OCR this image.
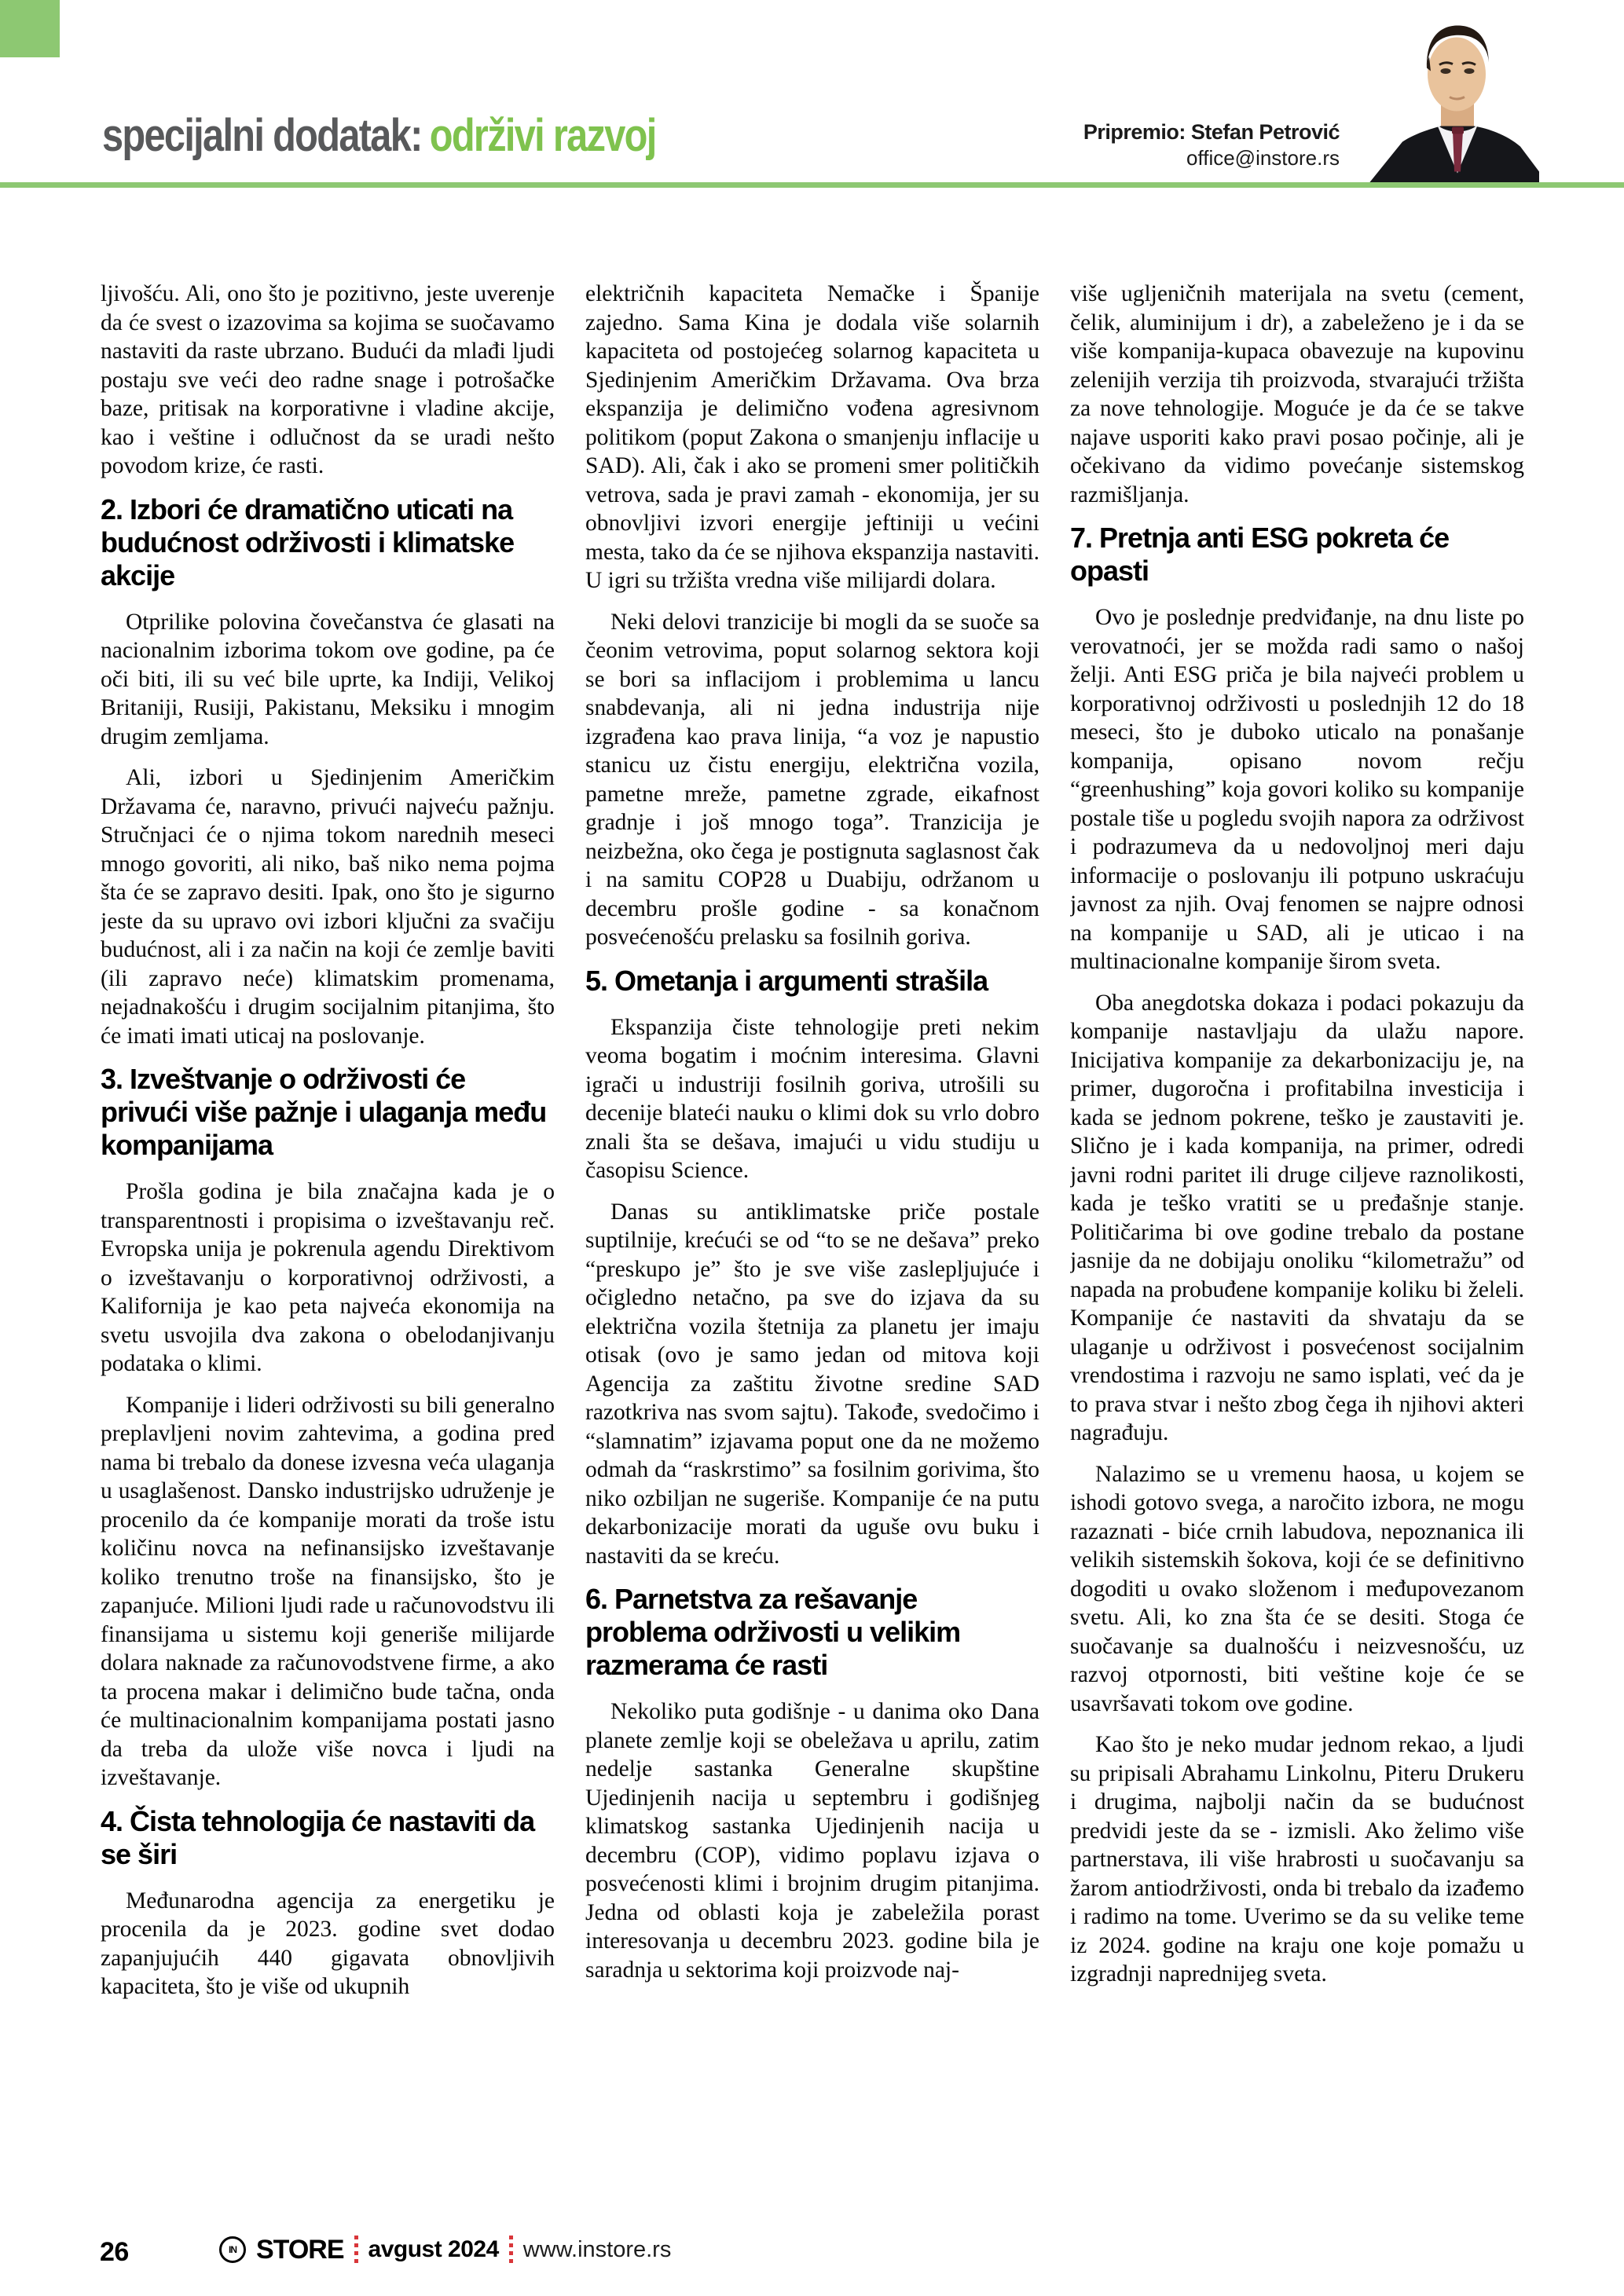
specijalni dodatak: održivi razvoj	Pripremio: Stefan Petrović
office@instore.rs

ljivošću. Ali, ono što je pozitivno, jeste uverenje da će svest o izazovima sa kojima se suočavamo nastaviti da raste ubrzano. Budući da mlađi ljudi postaju sve veći deo radne snage i potrošačke baze, pritisak na korporativne i vladine akcije, kao i veštine i odlučnost da se uradi nešto povodom krize, će rasti.

2. Izbori će dramatično uticati na budućnost održivosti i klimatske akcije

Otprilike polovina čovečanstva će glasati na nacionalnim izborima tokom ove godine, pa će oči biti, ili su već bile uprte, ka Indiji, Velikoj Britaniji, Rusiji, Pakistanu, Meksiku i mnogim drugim zemljama.

Ali, izbori u Sjedinjenim Američkim Državama će, naravno, privući najveću pažnju. Stručnjaci će o njima tokom narednih meseci mnogo govoriti, ali niko, baš niko nema pojma šta će se zapravo desiti. Ipak, ono što je sigurno jeste da su upravo ovi izbori ključni za svačiju budućnost, ali i za način na koji će zemlje baviti (ili zapravo neće) klimatskim promenama, nejadnakošću i drugim socijalnim pitanjima, što će imati imati uticaj na poslovanje.

3. Izveštvanje o održivosti će privući više pažnje i ulaganja među kompanijama

Prošla godina je bila značajna kada je o transparentnosti i propisima o izveštavanju reč. Evropska unija je pokrenula agendu Direktivom o izveštavanju o korporativnoj održivosti, a Kalifornija je kao peta najveća ekonomija na svetu usvojila dva zakona o obelodanjivanju podataka o klimi.

Kompanije i lideri održivosti su bili generalno preplavljeni novim zahtevima, a godina pred nama bi trebalo da donese izvesna veća ulaganja u usaglašenost. Dansko industrijsko udruženje je procenilo da će kompanije morati da troše istu količinu novca na nefinansijsko izveštavanje koliko trenutno troše na finansijsko, što je zapanjuće. Milioni ljudi rade u računovodstvu ili finansijama u sistemu koji generiše milijarde dolara naknade za računovodstvene firme, a ako ta procena makar i delimično bude tačna, onda će multinacionalnim kompanijama postati jasno da treba da ulože više novca i ljudi na izveštavanje.

4. Čista tehnologija će nastaviti da se širi

Međunarodna agencija za energetiku je procenila da je 2023. godine svet dodao zapanjujućih 440 gigavata obnovljivih kapaciteta, što je više od ukupnih

električnih kapaciteta Nemačke i Španije zajedno. Sama Kina je dodala više solarnih kapaciteta od postojećeg solarnog kapaciteta u Sjedinjenim Američkim Državama. Ova brza ekspanzija je delimično vođena agresivnom politikom (poput Zakona o smanjenju inflacije u SAD). Ali, čak i ako se promeni smer političkih vetrova, sada je pravi zamah - ekonomija, jer su obnovljivi izvori energije jeftiniji u većini mesta, tako da će se njihova ekspanzija nastaviti. U igri su tržišta vredna više milijardi dolara.

Neki delovi tranzicije bi mogli da se suoče sa čeonim vetrovima, poput solarnog sektora koji se bori sa inflacijom i problemima u lancu snabdevanja, ali ni jedna industrija nije izgrađena kao prava linija, “a voz je napustio stanicu uz čistu energiju, električna vozila, pametne mreže, pametne zgrade, eikafnost gradnje i još mnogo toga”. Tranzicija je neizbežna, oko čega je postignuta saglasnost čak i na samitu COP28 u Duabiju, održanom u decembru prošle godine - sa konačnom posvećenošću prelasku sa fosilnih goriva.

5. Ometanja i argumenti strašila

Ekspanzija čiste tehnologije preti nekim veoma bogatim i moćnim interesima. Glavni igrači u industriji fosilnih goriva, utrošili su decenije blateći nauku o klimi dok su vrlo dobro znali šta se dešava, imajući u vidu studiju u časopisu Science.

Danas su antiklimatske priče postale suptilnije, krećući se od “to se ne dešava” preko “preskupo je” što je sve više zaslepljujuće i očigledno netačno, pa sve do izjava da su električna vozila štetnija za planetu jer imaju otisak (ovo je samo jedan od mitova koji Agencija za zaštitu životne sredine SAD razotkriva nas svom sajtu). Takođe, svedočimo i “slamnatim” izjavama poput one da ne možemo odmah da “raskrstimo” sa fosilnim gorivima, što niko ozbiljan ne sugeriše. Kompanije će na putu dekarbonizacije morati da uguše ovu buku i nastaviti da se kreću.

6. Parnetstva za rešavanje problema održivosti u velikim razmerama će rasti

Nekoliko puta godišnje - u danima oko Dana planete zemlje koji se obeležava u aprilu, zatim nedelje sastanka Generalne skupštine Ujedinjenih nacija u septembru i godišnjeg klimatskog sastanka Ujedinjenih nacija u decembru (COP), vidimo poplavu izjava o posvećenosti klimi i brojnim drugim pitanjima. Jedna od oblasti koja je zabeležila porast interesovanja u decembru 2023. godine bila je saradnja u sektorima koji proizvode naj-

više ugljeničnih materijala na svetu (cement, čelik, aluminijum i dr), a zabeleženo je i da se više kompanija-kupaca obavezuje na kupovinu zelenijih verzija tih proizvoda, stvarajući tržišta za nove tehnologije. Moguće je da će se takve najave usporiti kako pravi posao počinje, ali je očekivano da vidimo povećanje sistemskog razmišljanja.

7. Pretnja anti ESG pokreta će opasti

Ovo je poslednje predviđanje, na dnu liste po verovatnoći, jer se možda radi samo o našoj želji. Anti ESG priča je bila najveći problem u korporativnoj održivosti u poslednjih 12 do 18 meseci, što je duboko uticalo na ponašanje kompanija, opisano novom rečju “greenhushing” koja govori koliko su kompanije postale tiše u pogledu svojih napora za održivost i podrazumeva da u nedovoljnoj meri daju informacije o poslovanju ili potpuno uskraćuju javnost za njih. Ovaj fenomen se najpre odnosi na kompanije u SAD, ali je uticao i na multinacionalne kompanije širom sveta.

Oba anegdotska dokaza i podaci pokazuju da kompanije nastavljaju da ulažu napore. Inicijativa kompanije za dekarbonizaciju je, na primer, dugoročna i profitabilna investicija i kada se jednom pokrene, teško je zaustaviti je. Slično je i kada kompanija, na primer, odredi javni rodni paritet ili druge ciljeve raznolikosti, kada je teško vratiti se u pređašnje stanje. Političarima bi ove godine trebalo da postane jasnije da ne dobijaju onoliku “kilometražu” od napada na probuđene kompanije koliku bi želeli. Kompanije će nastaviti da shvataju da se ulaganje u održivost i posvećenost socijalnim vrendostima i razvoju ne samo isplati, već da je to prava stvar i nešto zbog čega ih njihovi akteri nagrađuju.

Nalazimo se u vremenu haosa, u kojem se ishodi gotovo svega, a naročito izbora, ne mogu razaznati - biće crnih labudova, nepoznanica ili velikih sistemskih šokova, koji će se definitivno dogoditi u ovako složenom i međupovezanom svetu. Ali, ko zna šta će se desiti. Stoga će suočavanje sa dualnošću i neizvesnošću, uz razvoj otpornosti, biti veštine koje će se usavršavati tokom ove godine.

Kao što je neko mudar jednom rekao, a ljudi su pripisali Abrahamu Linkolnu, Piteru Drukeru i drugima, najbolji način da se budućnost predvidi jeste da se - izmisli. Ako želimo više partnerstava, ili više hrabrosti u suočavanju sa žarom antiodrživosti, onda bi trebalo da izađemo i radimo na tome. Uverimo se da su velike teme iz 2024. godine na kraju one koje pomažu u izgradnji naprednijeg sveta.

26	IN STORE avgust 2024 www.instore.rs
